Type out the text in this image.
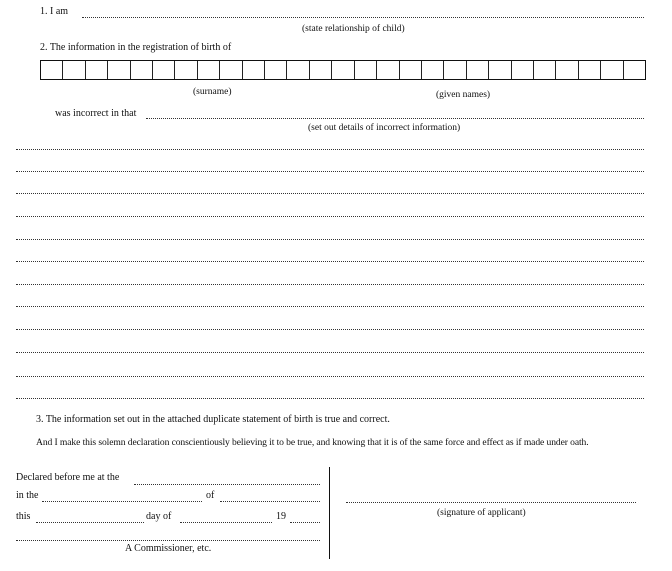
1. I am
(state relationship of child)
2. The information in the registration of birth of
(surname)	(given names)
was incorrect in that
(set out details of incorrect information)
3. The information set out in the attached duplicate statement of birth is true and correct.
And I make this solemn declaration conscientiously believing it to be true, and knowing that it is of the same force and effect as if made under oath.
Declared before me at the
in the	of
this	day of	19
A Commissioner, etc.
(signature of applicant)
